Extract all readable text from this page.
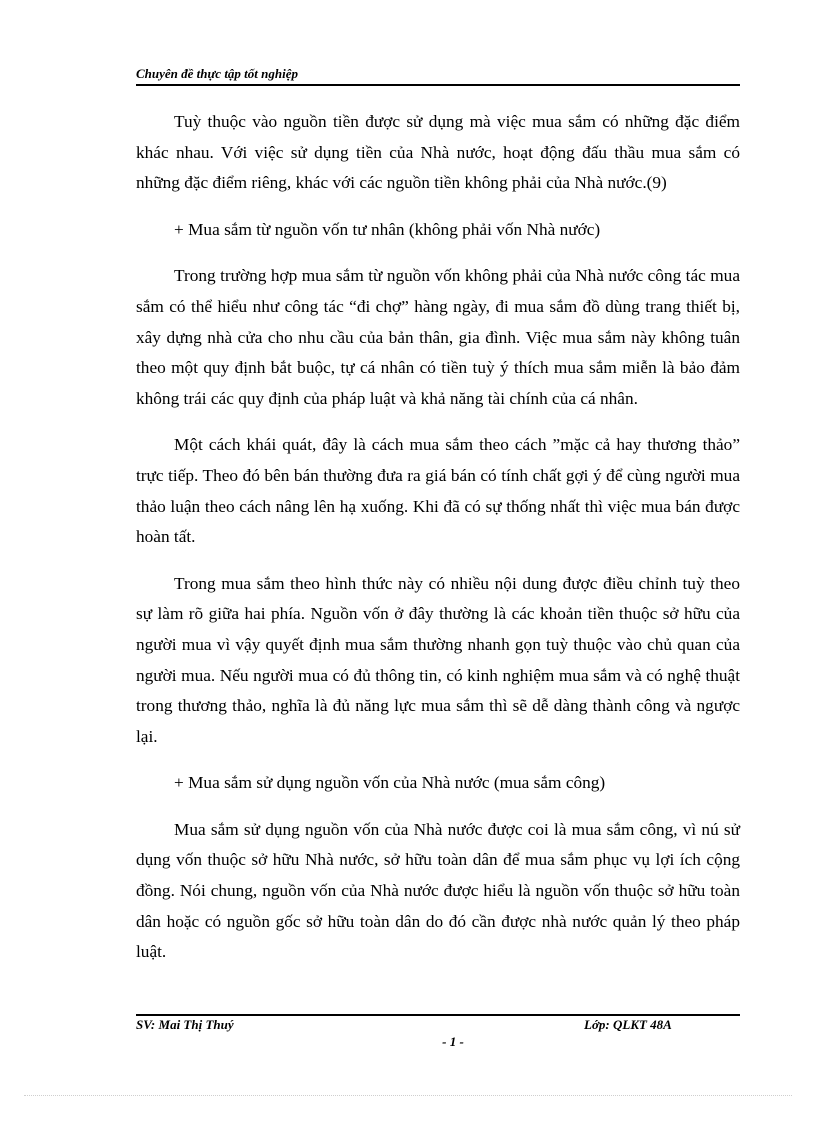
Chuyên đề thực tập tốt nghiệp

Tuỳ thuộc vào nguồn tiền được sử dụng mà việc mua sắm có những đặc điểm khác nhau. Với việc sử dụng tiền của Nhà nước, hoạt động đấu thầu mua sắm có những đặc điểm riêng, khác với các nguồn tiền không phải của Nhà nước.(9)

+ Mua sắm từ nguồn vốn tư nhân (không phải vốn Nhà nước)

Trong trường hợp mua sắm từ nguồn vốn không phải của Nhà nước công tác mua sắm có thể hiểu như công tác “đi chợ” hàng ngày, đi mua sắm đồ dùng trang thiết bị, xây dựng nhà cửa cho nhu cầu của bản thân, gia đình. Việc mua sắm này không tuân theo một quy định bắt buộc, tự cá nhân có tiền tuỳ ý thích mua sắm miễn là bảo đảm không trái các quy định của pháp luật và khả năng tài chính của cá nhân.

Một cách khái quát, đây là cách mua sắm theo cách ”mặc cả hay thương thảo” trực tiếp. Theo đó bên bán thường đưa ra giá bán có tính chất gợi ý để cùng người mua thảo luận theo cách nâng lên hạ xuống. Khi đã có sự thống nhất thì việc mua bán được hoàn tất.

Trong mua sắm theo hình thức này có nhiều nội dung được điều chỉnh tuỳ theo sự làm rõ giữa hai phía. Nguồn vốn ở đây thường là các khoản tiền thuộc sở hữu của người mua vì vậy quyết định mua sắm thường nhanh gọn tuỳ thuộc vào chủ quan của người mua. Nếu người mua có đủ thông tin, có kinh nghiệm mua sắm và có nghệ thuật trong thương thảo, nghĩa là đủ năng lực mua sắm thì sẽ dễ dàng thành công và ngược lại.

+ Mua sắm sử dụng nguồn vốn của Nhà nước (mua sắm công)

Mua sắm sử dụng nguồn vốn của Nhà nước được coi là mua sắm công, vì nú sử dụng vốn thuộc sở hữu Nhà nước, sở hữu toàn dân để mua sắm phục vụ lợi ích cộng đồng. Nói chung, nguồn vốn của Nhà nước được hiểu là nguồn vốn thuộc sở hữu toàn dân hoặc có nguồn gốc sở hữu toàn dân do đó cần được nhà nước quản lý theo pháp luật.

SV: Mai Thị Thuý	Lớp: QLKT 48A
- 1 -
